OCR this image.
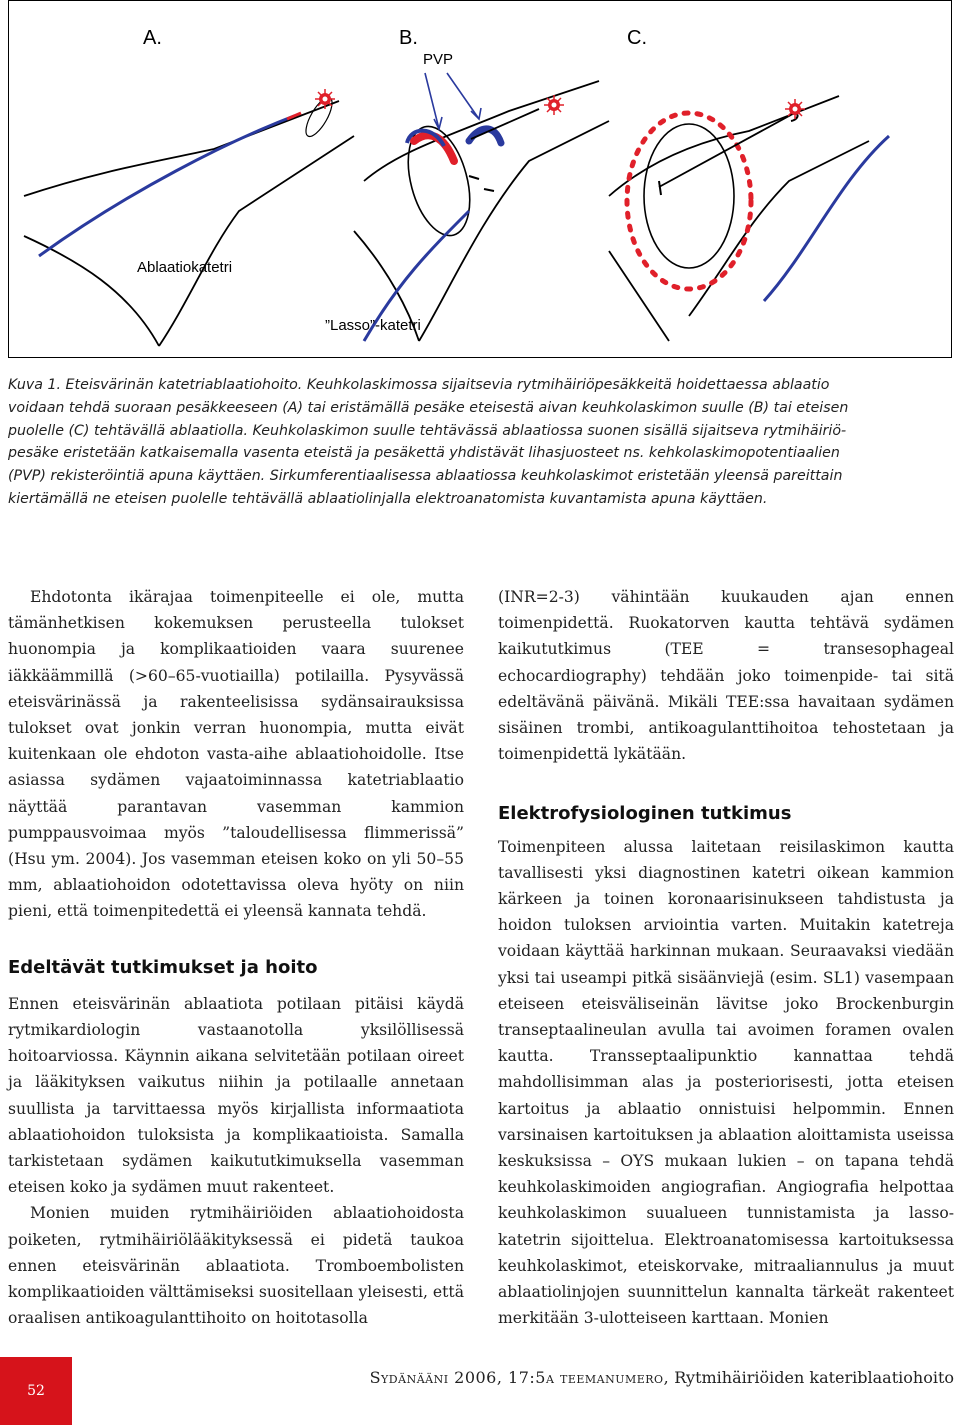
A.	B.	C.
PVP
Ablaatiokatetri
”Lasso”-katetri
Kuva 1. Eteisvärinän katetriablaatiohoito. Keuhkolaskimossa sijaitsevia rytmihäiriöpesäkkeitä hoidettaessa ablaatio
voidaan tehdä suoraan pesäkkeeseen (A) tai eristämällä pesäke eteisestä aivan keuhkolaskimon suulle (B) tai eteisen
puolelle (C) tehtävällä ablaatiolla. Keuhkolaskimon suulle tehtävässä ablaatiossa suonen sisällä sijaitseva rytmihäiriö-
pesäke eristetään katkaisemalla vasenta eteistä ja pesäkettä yhdistävät lihasjuosteet ns. kehkolaskimopotentiaalien
(PVP) rekisteröintiä apuna käyttäen. Sirkumferentiaalisessa ablaatiossa keuhkolaskimot eristetään yleensä pareittain
kiertämällä ne eteisen puolelle tehtävällä ablaatiolinjalla elektroanatomista kuvantamista apuna käyttäen.

Ehdotonta ikärajaa toimenpiteelle ei ole, mutta tämänhetkisen kokemuksen perusteella tulokset huonompia ja komplikaatioiden vaara suurenee iäkkäämmillä (>60–65-vuotiailla) potilailla. Pysyvässä eteisvärinässä ja rakenteelisissa sydänsairauksissa tulokset ovat jonkin verran huonompia, mutta eivät kuitenkaan ole ehdoton vasta-aihe ablaatiohoidolle. Itse asiassa sydämen vajaatoiminnassa katetriablaatio näyttää parantavan vasemman kammion pumppausvoimaa myös ”taloudellisessa flimmerissä” (Hsu ym. 2004). Jos vasemman eteisen koko on yli 50–55 mm, ablaatiohoidon odotettavissa oleva hyöty on niin pieni, että toimenpitedettä ei yleensä kannata tehdä.

Edeltävät tutkimukset ja hoito

Ennen eteisvärinän ablaatiota potilaan pitäisi käydä rytmikardiologin vastaanotolla yksilöllisessä hoitoarviossa. Käynnin aikana selvitetään potilaan oireet ja lääkityksen vaikutus niihin ja potilaalle annetaan suullista ja tarvittaessa myös kirjallista informaatiota ablaatiohoidon tuloksista ja komplikaatioista. Samalla tarkistetaan sydämen kaikututkimuksella vasemman eteisen koko ja sydämen muut rakenteet.

Monien muiden rytmihäiriöiden ablaatiohoidosta poiketen, rytmihäiriölääkityksessä ei pidetä taukoa ennen eteisvärinän ablaatiota. Tromboembolisten komplikaatioiden välttämiseksi suositellaan yleisesti, että oraalisen antikoagulanttihoito on hoitotasolla

(INR=2-3) vähintään kuukauden ajan ennen toimenpidettä. Ruokatorven kautta tehtävä sydämen kaikututkimus (TEE = transesophageal echocardiography) tehdään joko toimenpide- tai sitä edeltävänä päivänä. Mikäli TEE:ssa havaitaan sydämen sisäinen trombi, antikoagulanttihoitoa tehostetaan ja toimenpidettä lykätään.

Elektrofysiologinen tutkimus

Toimenpiteen alussa laitetaan reisilaskimon kautta tavallisesti yksi diagnostinen katetri oikean kammion kärkeen ja toinen koronaarisinukseen tahdistusta ja hoidon tuloksen arviointia varten. Muitakin katetreja voidaan käyttää harkinnan mukaan. Seuraavaksi viedään yksi tai useampi pitkä sisäänviejä (esim. SL1) vasempaan eteiseen eteisväliseinän lävitse joko Brockenburgin transeptaalineulan avulla tai avoimen foramen ovalen kautta. Transseptaalipunktio kannattaa tehdä mahdollisimman alas ja posteriorisesti, jotta eteisen kartoitus ja ablaatio onnistuisi helpommin. Ennen varsinaisen kartoituksen ja ablaation aloittamista useissa keskuksissa – OYS mukaan lukien – on tapana tehdä keuhkolaskimoiden angiografian. Angiografia helpottaa keuhkolaskimon suualueen tunnistamista ja lasso-katetrin sijoittelua. Elektroanatomisessa kartoituksessa keuhkolaskimot, eteiskorvake, mitraaliannulus ja muut ablaatiolinjojen suunnittelun kannalta tärkeät rakenteet merkitään 3-ulotteiseen karttaan. Monien

52
Sydänääni 2006, 17:5a teemanumero, Rytmihäiriöiden kateriblaatiohoito
